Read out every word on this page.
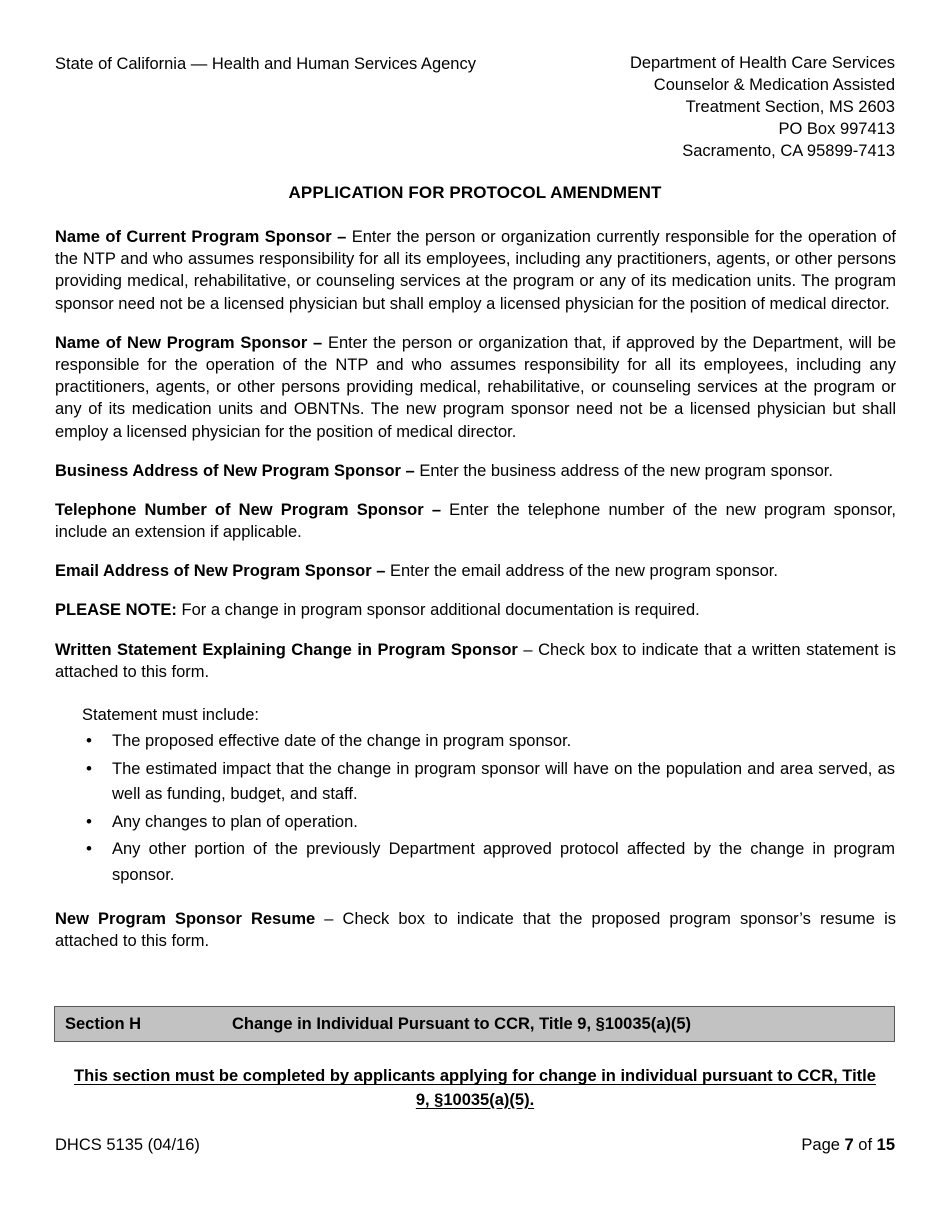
State of California — Health and Human Services Agency	Department of Health Care Services
Counselor & Medication Assisted
Treatment Section, MS 2603
PO Box 997413
Sacramento, CA 95899-7413
APPLICATION FOR PROTOCOL AMENDMENT

Name of Current Program Sponsor – Enter the person or organization currently responsible for the operation of the NTP and who assumes responsibility for all its employees, including any practitioners, agents, or other persons providing medical, rehabilitative, or counseling services at the program or any of its medication units. The program sponsor need not be a licensed physician but shall employ a licensed physician for the position of medical director.

Name of New Program Sponsor – Enter the person or organization that, if approved by the Department, will be responsible for the operation of the NTP and who assumes responsibility for all its employees, including any practitioners, agents, or other persons providing medical, rehabilitative, or counseling services at the program or any of its medication units and OBNTNs. The new program sponsor need not be a licensed physician but shall employ a licensed physician for the position of medical director.

Business Address of New Program Sponsor – Enter the business address of the new program sponsor.

Telephone Number of New Program Sponsor – Enter the telephone number of the new program sponsor, include an extension if applicable.

Email Address of New Program Sponsor – Enter the email address of the new program sponsor.

PLEASE NOTE: For a change in program sponsor additional documentation is required.

Written Statement Explaining Change in Program Sponsor – Check box to indicate that a written statement is attached to this form.

Statement must include:
• The proposed effective date of the change in program sponsor.
• The estimated impact that the change in program sponsor will have on the population and area served, as well as funding, budget, and staff.
• Any changes to plan of operation.
• Any other portion of the previously Department approved protocol affected by the change in program sponsor.

New Program Sponsor Resume – Check box to indicate that the proposed program sponsor’s resume is attached to this form.

Section H	Change in Individual Pursuant to CCR, Title 9, §10035(a)(5)
This section must be completed by applicants applying for change in individual pursuant to CCR, Title 9, §10035(a)(5).
DHCS 5135 (04/16)	Page 7 of 15
